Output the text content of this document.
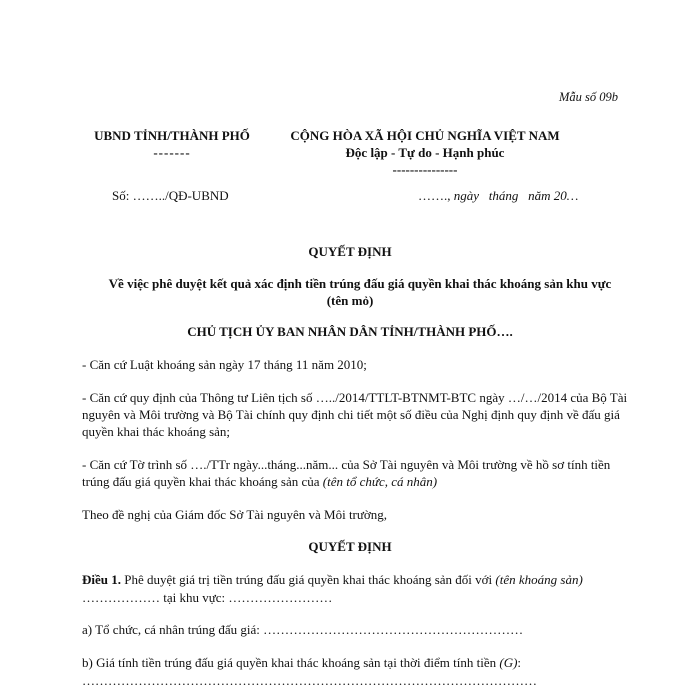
Mẫu số 09b
UBND TỈNH/THÀNH PHỐ
-------
CỘNG HÒA XÃ HỘI CHỦ NGHĨA VIỆT NAM
Độc lập - Tự do - Hạnh phúc
---------------
Số: ……../QĐ-UBND	……., ngày   tháng   năm 20…
QUYẾT ĐỊNH
Về việc phê duyệt kết quả xác định tiền trúng đấu giá quyền khai thác khoáng sản khu vực
(tên mỏ)
CHỦ TỊCH ỦY BAN NHÂN DÂN TỈNH/THÀNH PHỐ….
- Căn cứ Luật khoáng sản ngày 17 tháng 11 năm 2010;
- Căn cứ quy định của Thông tư Liên tịch số …../2014/TTLT-BTNMT-BTC ngày …/…/2014 của Bộ Tài nguyên và Môi trường và Bộ Tài chính quy định chi tiết một số điều của Nghị định quy định về đấu giá quyền khai thác khoáng sản;
- Căn cứ Tờ trình số …./TTr ngày...tháng...năm... của Sở Tài nguyên và Môi trường về hồ sơ tính tiền trúng đấu giá quyền khai thác khoáng sản của (tên tổ chức, cá nhân)
Theo đề nghị của Giám đốc Sở Tài nguyên và Môi trường,
QUYẾT ĐỊNH
Điều 1. Phê duyệt giá trị tiền trúng đấu giá quyền khai thác khoáng sản đối với (tên khoáng sản)
……………… tại khu vực: ……………………
a) Tổ chức, cá nhân trúng đấu giá: ……………………………………………………
b) Giá tính tiền trúng đấu giá quyền khai thác khoáng sản tại thời điểm tính tiền (G):
……………………………………………………………………………………………
